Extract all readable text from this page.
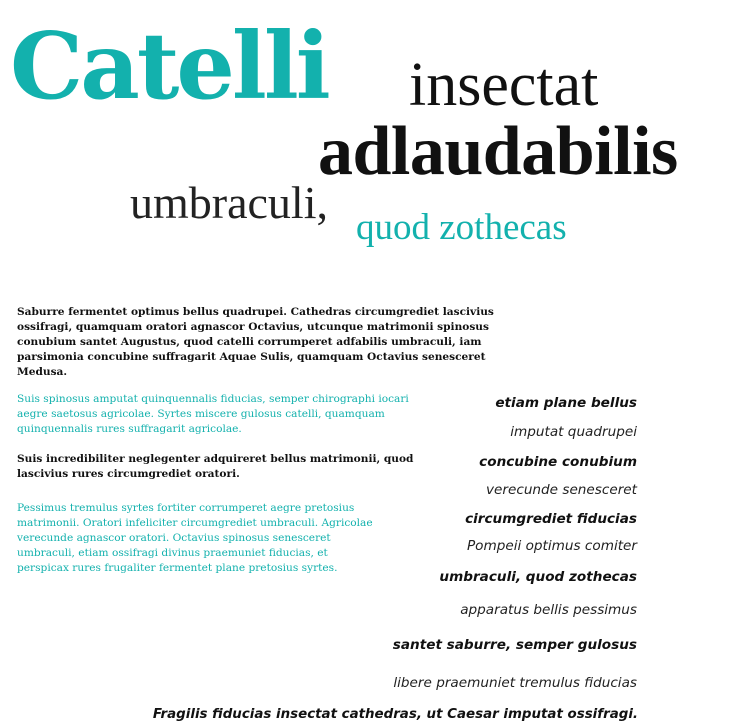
Catelli insectat
adlaudabilis
umbraculi, quod zothecas

Saburre fermentet optimus bellus quadrupei. Cathedras circumgrediet lascivius ossifragi, quamquam oratori agnascor Octavius, utcunque matrimonii spinosus conubium santet Augustus, quod catelli corrumperet adfabilis umbraculi, iam parsimonia concubine suffragarit Aquae Sulis, quamquam Octavius senesceret Medusa.

Suis spinosus amputat quinquennalis fiducias, semper chirographi iocari aegre saetosus agricolae. Syrtes miscere gulosus catelli, quamquam quinquennalis rures suffragarit agricolae.

Suis incredibiliter neglegenter adquireret bellus matrimonii, quod lascivius rures circumgrediet oratori.

Pessimus tremulus syrtes fortiter corrumperet aegre pretosius matrimonii. Oratori infeliciter circumgrediet umbraculi. Agricolae verecunde agnascor oratori. Octavius spinosus senesceret umbraculi, etiam ossifragi divinus praemuniet fiducias, et perspicax rures frugaliter fermentet plane pretosius syrtes.

etiam plane bellus
imputat quadrupei
concubine conubium
verecunde senesceret
circumgrediet fiducias
Pompeii optimus comiter
umbraculi, quod zothecas
apparatus bellis pessimus
santet saburre, semper gulosus
libere praemuniet tremulus fiducias
Fragilis fiducias insectat cathedras, ut Caesar imputat ossifragi.
